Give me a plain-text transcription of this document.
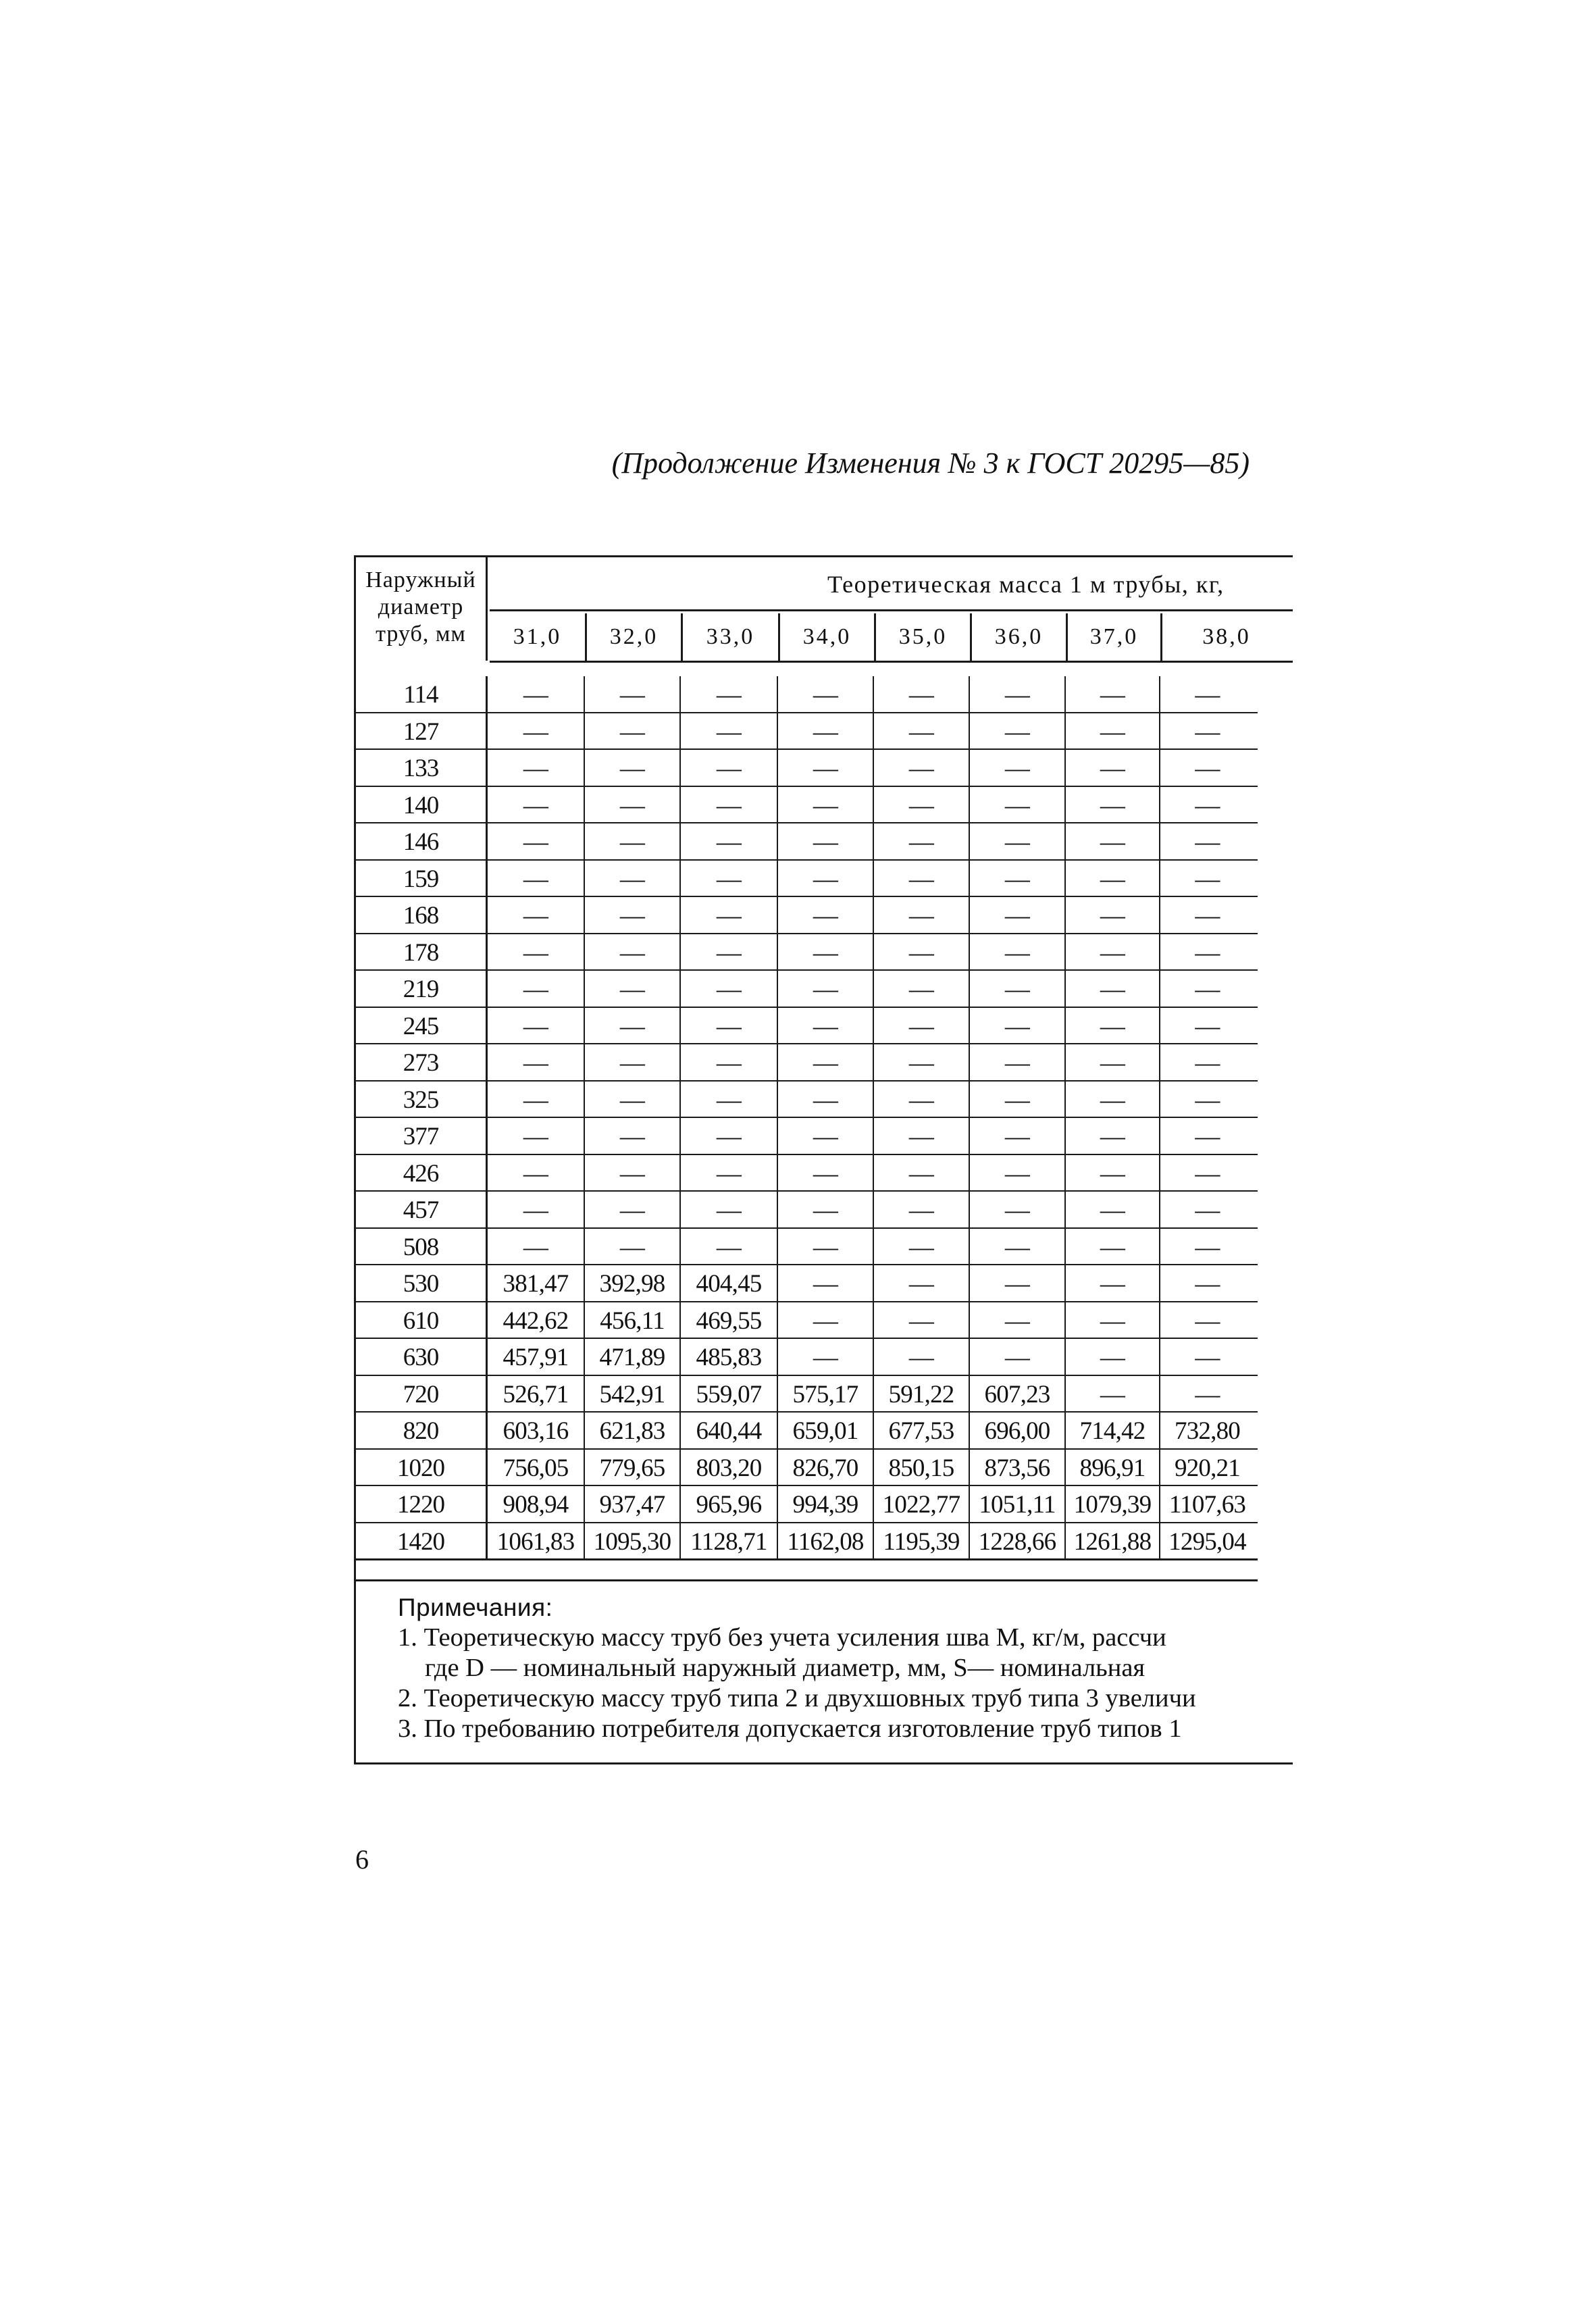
(Продолжение Изменения № 3 к ГОСТ 20295—85)
Наружный
диаметр
труб, мм
Теоретическая масса 1 м трубы, кг,
31,0	32,0	33,0	34,0	35,0	36,0	37,0	38,0
114	—	—	—	—	—	—	—	—
127	—	—	—	—	—	—	—	—
133	—	—	—	—	—	—	—	—
140	—	—	—	—	—	—	—	—
146	—	—	—	—	—	—	—	—
159	—	—	—	—	—	—	—	—
168	—	—	—	—	—	—	—	—
178	—	—	—	—	—	—	—	—
219	—	—	—	—	—	—	—	—
245	—	—	—	—	—	—	—	—
273	—	—	—	—	—	—	—	—
325	—	—	—	—	—	—	—	—
377	—	—	—	—	—	—	—	—
426	—	—	—	—	—	—	—	—
457	—	—	—	—	—	—	—	—
508	—	—	—	—	—	—	—	—
530	381,47	392,98	404,45	—	—	—	—	—
610	442,62	456,11	469,55	—	—	—	—	—
630	457,91	471,89	485,83	—	—	—	—	—
720	526,71	542,91	559,07	575,17	591,22	607,23	—	—
820	603,16	621,83	640,44	659,01	677,53	696,00	714,42	732,80
1020	756,05	779,65	803,20	826,70	850,15	873,56	896,91	920,21
1220	908,94	937,47	965,96	994,39 1022,77 1051,11 1079,39 1107,63
1420	1061,83 1095,30 1128,71 1162,08 1195,39 1228,66 1261,88 1295,04
Примечания:
1. Теоретическую массу труб без учета усиления шва M, кг/м, рассчи
где D — номинальный наружный диаметр, мм, S— номинальная
2. Теоретическую массу труб типа 2 и двухшовных труб типа 3 увеличи
3. По требованию потребителя допускается изготовление труб типов 1
6
